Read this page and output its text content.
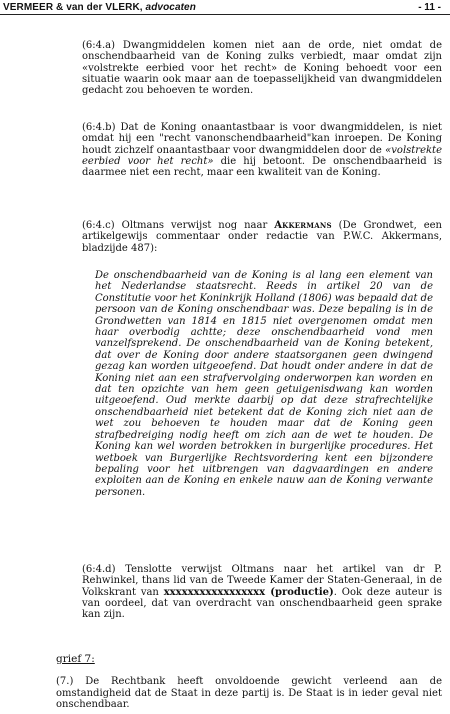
VERMEER & van der VLERK, advocaten	- 11 -

(6:4.a) Dwangmiddelen komen niet aan de orde, niet omdat de onschendbaarheid van de Koning zulks verbiedt, maar omdat zijn «volstrekte eerbied voor het recht» de Koning behoedt voor een situatie waarin ook maar aan de toepasselijkheid van dwangmiddelen gedacht zou behoeven te worden.

(6:4.b) Dat de Koning onaantastbaar is voor dwangmiddelen, is niet omdat hij een "recht vanonschendbaarheid"kan inroepen. De Koning houdt zichzelf onaantastbaar voor dwangmiddelen door de «volstrekte eerbied voor het recht» die hij betoont. De onschendbaarheid is daarmee niet een recht, maar een kwaliteit van de Koning.

(6:4.c) Oltmans verwijst nog naar Akkermans (De Grondwet, een artikelgewijs commentaar onder redactie van P.W.C. Akkermans, bladzijde 487):

De onschendbaarheid van de Koning is al lang een element van het Nederlandse staatsrecht. Reeds in artikel 20 van de Constitutie voor het Koninkrijk Holland (1806) was bepaald dat de persoon van de Koning onschendbaar was. Deze bepaling is in de Grondwetten van 1814 en 1815 niet overgenomen omdat men haar overbodig achtte; deze onschendbaarheid vond men vanzelfsprekend. De onschendbaarheid van de Koning betekent, dat over de Koning door andere staatsorganen geen dwingend gezag kan worden uitgeoefend. Dat houdt onder andere in dat de Koning niet aan een strafvervolging onderworpen kan worden en dat ten opzichte van hem geen getuigenisdwang kan worden uitgeoefend. Oud merkte daarbij op dat deze strafrechtelijke onschendbaarheid niet betekent dat de Koning zich niet aan de wet zou behoeven te houden maar dat de Koning geen strafbedreiging nodig heeft om zich aan de wet te houden. De Koning kan wel worden betrokken in burgerlijke procedures. Het wetboek van Burgerlijke Rechtsvordering kent een bijzondere bepaling voor het uitbrengen van dagvaardingen en andere exploiten aan de Koning en enkele nauw aan de Koning verwante personen.

(6:4.d) Tenslotte verwijst Oltmans naar het artikel van dr P. Rehwinkel, thans lid van de Tweede Kamer der Staten-Generaal, in de Volkskrant van xxxxxxxxxxxxxxxxx (productie). Ook deze auteur is van oordeel, dat van overdracht van onschendbaarheid geen sprake kan zijn.

grief 7:

(7.) De Rechtbank heeft onvoldoende gewicht verleend aan de omstandigheid dat de Staat in deze partij is. De Staat is in ieder geval niet onschendbaar.
